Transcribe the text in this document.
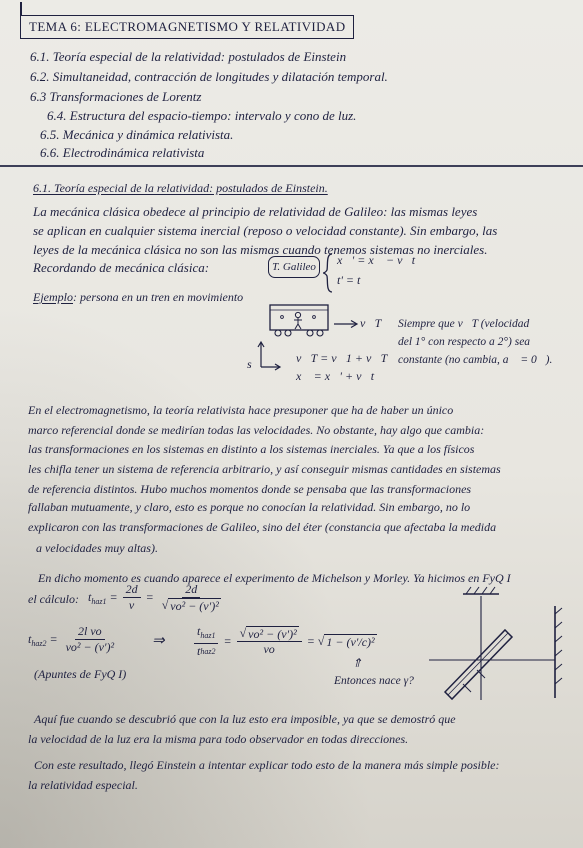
TEMA 6: ELECTROMAGNETISMO Y RELATIVIDAD
6.1. Teoría especial de la relatividad: postulados de Einstein
6.2. Simultaneidad, contracción de longitudes y dilatación temporal.
6.3 Transformaciones de Lorentz
6.4. Estructura del espacio-tiempo: intervalo y cono de luz.
6.5. Mecánica y dinámica relativista.
6.6. Electrodinámica relativista
6.1. Teoría especial de la relatividad: postulados de Einstein.
La mecánica clásica obedece al principio de relatividad de Galileo: las mismas leyes
se aplican en cualquier sistema inercial (reposo o velocidad constante). Sin embargo, las
leyes de la mecánica clásica no son las mismas cuando tenemos sistemas no inerciales.
Recordando de mecánica clásica:	T. Galileo x⃗' = x⃗ − v⃗t
t' = t
Ejemplo: persona en un tren en movimiento
v⃗T Siempre que v⃗T (velocidad
del 1° con respecto a 2°) sea
constante (no cambia, a⃗ = 0⃗).
s	v⃗T = v⃗1 + v⃗T
x⃗ = x⃗' + v⃗t
En el electromagnetismo, la teoría relativista hace presuponer que ha de haber un único
marco referencial donde se medirían todas las velocidades. No obstante, hay algo que cambia:
las transformaciones en los sistemas en distinto a los sistemas inerciales. Ya que a los físicos
les chifla tener un sistema de referencia arbitrario, y así conseguir mismas cantidades en sistemas
de referencia distintos. Hubo muchos momentos donde se pensaba que las transformaciones
fallaban mutuamente, y claro, esto es porque no conocían la relatividad. Sin embargo, no lo
explicaron con las transformaciones de Galileo, sino del éter (constancia que afectaba la medida
a velocidades muy altas).
En dicho momento es cuando aparece el experimento de Michelson y Morley. Ya hicimos en FyQ I
el cálculo: $t_{haz1} = \frac{2d}{v} = \frac{2d}{\text{√ vo² − (v')²}}$
$t_{haz2} = \frac{\text{2l vo}}{\text{vo² − (v')²}}$ ⇒ $\frac{t_{haz1}}{\text{t haz2}} = \frac{\text{√ vo² − (v')²}}{vo}$ = √ 1 − (v'/c)²
⇑
Entonces nace γ?
(Apuntes de FyQ I)
Aquí fue cuando se descubrió que con la luz esto era imposible, ya que se demostró que
la velocidad de la luz era la misma para todo observador en todas direcciones.
Con este resultado, llegó Einstein a intentar explicar todo esto de la manera más simple posible:
la relatividad especial.
